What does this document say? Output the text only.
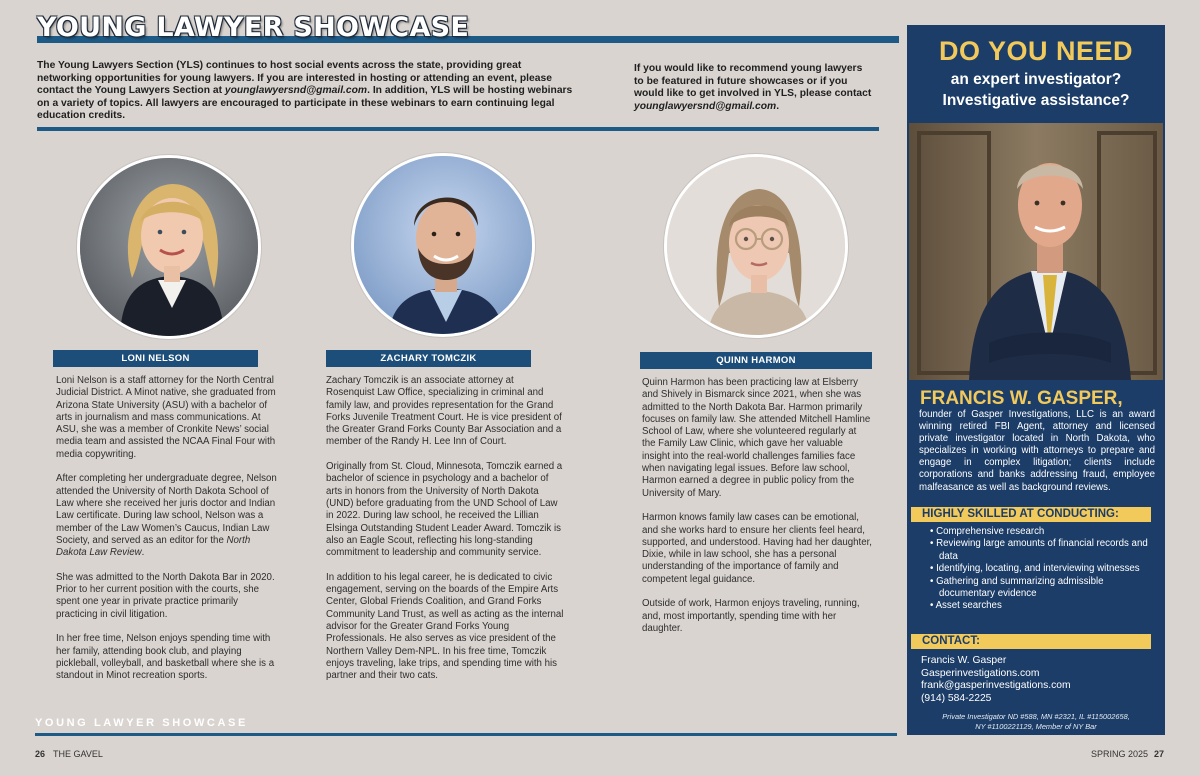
YOUNG LAWYER SHOWCASE
The Young Lawyers Section (YLS) continues to host social events across the state, providing great networking opportunities for young lawyers. If you are interested in hosting or attending an event, please contact the Young Lawyers Section at younglawyersnd@gmail.com. In addition, YLS will be hosting webinars on a variety of topics. All lawyers are encouraged to participate in these webinars to earn continuing legal education credits.
If you would like to recommend young lawyers to be featured in future showcases or if you would like to get involved in YLS, please contact younglawyersnd@gmail.com.
LONI NELSON

Loni Nelson is a staff attorney for the North Central Judicial District. A Minot native, she graduated from Arizona State University (ASU) with a bachelor of arts in journalism and mass communications. At ASU, she was a member of Cronkite News’ social media team and assisted the NCAA Final Four with media copywriting.

After completing her undergraduate degree, Nelson attended the University of North Dakota School of Law where she received her juris doctor and Indian Law certificate. During law school, Nelson was a member of the Law Women’s Caucus, Indian Law Society, and served as an editor for the North Dakota Law Review.

She was admitted to the North Dakota Bar in 2020. Prior to her current position with the courts, she spent one year in private practice primarily practicing in civil litigation.

In her free time, Nelson enjoys spending time with her family, attending book club, and playing pickleball, volleyball, and basketball where she is a standout in Minot recreation sports.

ZACHARY TOMCZIK

Zachary Tomczik is an associate attorney at Rosenquist Law Office, specializing in criminal and family law, and provides representation for the Grand Forks Juvenile Treatment Court. He is vice president of the Greater Grand Forks County Bar Association and a member of the Randy H. Lee Inn of Court.

Originally from St. Cloud, Minnesota, Tomczik earned a bachelor of science in psychology and a bachelor of arts in honors from the University of North Dakota (UND) before graduating from the UND School of Law in 2022. During law school, he received the Lillian Elsinga Outstanding Student Leader Award. Tomczik is also an Eagle Scout, reflecting his long-standing commitment to leadership and community service.

In addition to his legal career, he is dedicated to civic engagement, serving on the boards of the Empire Arts Center, Global Friends Coalition, and Grand Forks Community Land Trust, as well as acting as the internal advisor for the Greater Grand Forks Young Professionals. He also serves as vice president of the Northern Valley Dem-NPL. In his free time, Tomczik enjoys traveling, lake trips, and spending time with his partner and their two cats.

QUINN HARMON

Quinn Harmon has been practicing law at Elsberry and Shively in Bismarck since 2021, when she was admitted to the North Dakota Bar. Harmon primarily focuses on family law. She attended Mitchell Hamline School of Law, where she volunteered regularly at the Family Law Clinic, which gave her valuable insight into the real-world challenges families face when navigating legal issues. Before law school, Harmon earned a degree in public policy from the University of Mary.

Harmon knows family law cases can be emotional, and she works hard to ensure her clients feel heard, supported, and understood. Having had her daughter, Dixie, while in law school, she has a personal understanding of the importance of family and competent legal guidance.

Outside of work, Harmon enjoys traveling, running, and, most importantly, spending time with her daughter.

YOUNG LAWYER SHOWCASE
26 THE GAVEL	SPRING 2025 27
DO YOU NEED
an expert investigator?
Investigative assistance?
FRANCIS W. GASPER,
founder of Gasper Investigations, LLC is an award winning retired FBI Agent, attorney and licensed private investigator located in North Dakota, who specializes in working with attorneys to prepare and engage in complex litigation; clients include corporations and banks addressing fraud, employee malfeasance as well as background reviews.
HIGHLY SKILLED AT CONDUCTING:
• Comprehensive research
• Reviewing large amounts of financial records and data
• Identifying, locating, and interviewing witnesses
• Gathering and summarizing admissible documentary evidence
• Asset searches
CONTACT:
Francis W. Gasper
Gasperinvestigations.com
frank@gasperinvestigations.com
(914) 584-2225
Private Investigator ND #588, MN #2321, IL #115002658,
NY #1100221129, Member of NY Bar
